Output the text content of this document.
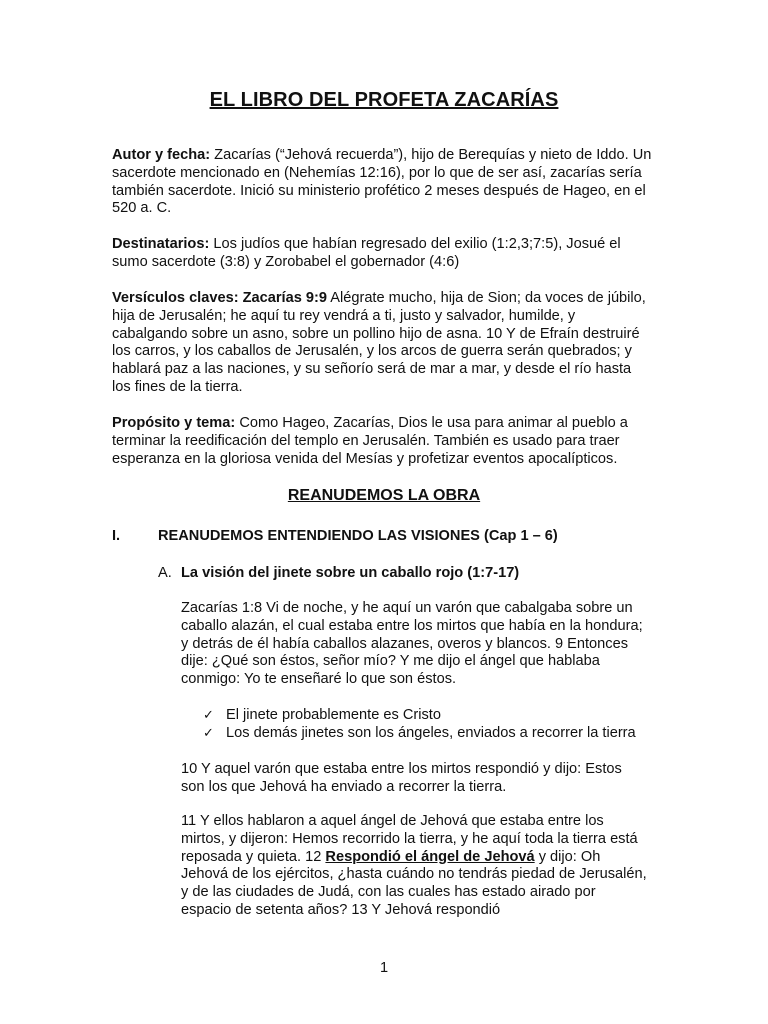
EL LIBRO DEL PROFETA ZACARÍAS

Autor y fecha: Zacarías (“Jehová recuerda”), hijo de Berequías y nieto de Iddo. Un sacerdote mencionado en (Nehemías 12:16), por lo que de ser así, zacarías sería también sacerdote. Inició su ministerio profético 2 meses después de Hageo, en el 520 a. C.

Destinatarios: Los judíos que habían regresado del exilio (1:2,3;7:5), Josué el sumo sacerdote (3:8) y Zorobabel el gobernador (4:6)

Versículos claves: Zacarías 9:9 Alégrate mucho, hija de Sion; da voces de júbilo, hija de Jerusalén; he aquí tu rey vendrá a ti, justo y salvador, humilde, y cabalgando sobre un asno, sobre un pollino hijo de asna. 10 Y de Efraín destruiré los carros, y los caballos de Jerusalén, y los arcos de guerra serán quebrados; y hablará paz a las naciones, y su señorío será de mar a mar, y desde el río hasta los fines de la tierra.

Propósito y tema: Como Hageo, Zacarías, Dios le usa para animar al pueblo a terminar la reedificación del templo en Jerusalén. También es usado para traer esperanza en la gloriosa venida del Mesías y profetizar eventos apocalípticos.

REANUDEMOS LA OBRA
I.	REANUDEMOS ENTENDIENDO LAS VISIONES (Cap 1 – 6)
A. La visión del jinete sobre un caballo rojo (1:7-17)

Zacarías 1:8 Vi de noche, y he aquí un varón que cabalgaba sobre un caballo alazán, el cual estaba entre los mirtos que había en la hondura; y detrás de él había caballos alazanes, overos y blancos. 9 Entonces dije: ¿Qué son éstos, señor mío? Y me dijo el ángel que hablaba conmigo: Yo te enseñaré lo que son éstos.

✓ El jinete probablemente es Cristo
✓ Los demás jinetes son los ángeles, enviados a recorrer la tierra

10 Y aquel varón que estaba entre los mirtos respondió y dijo: Estos son los que Jehová ha enviado a recorrer la tierra.

11 Y ellos hablaron a aquel ángel de Jehová que estaba entre los mirtos, y dijeron: Hemos recorrido la tierra, y he aquí toda la tierra está reposada y quieta. 12 Respondió el ángel de Jehová y dijo: Oh Jehová de los ejércitos, ¿hasta cuándo no tendrás piedad de Jerusalén, y de las ciudades de Judá, con las cuales has estado airado por espacio de setenta años? 13 Y Jehová respondió

1
